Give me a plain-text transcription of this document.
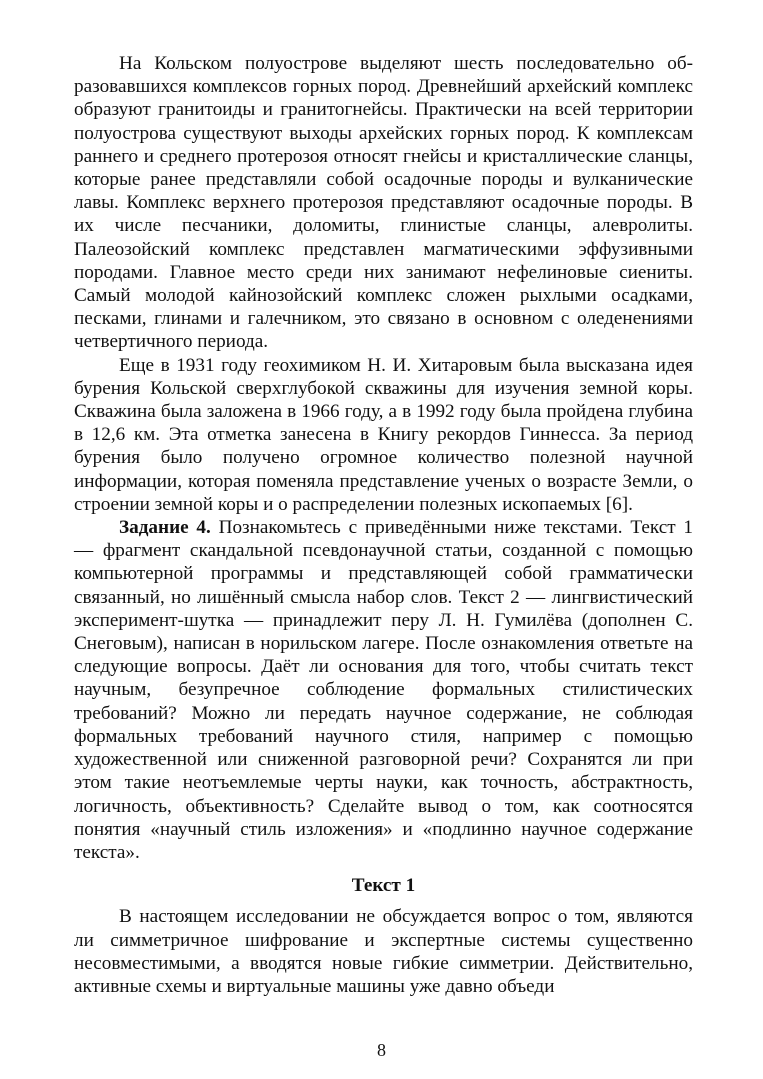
На Кольском полуострове выделяют шесть последовательно образовавшихся комплексов горных пород. Древнейший архейский комплекс образуют гранитоиды и гранитогнейсы. Практически на всей территории полуострова существуют выходы архейских горных пород. К комплексам раннего и среднего протерозоя относят гнейсы и кристаллические сланцы, которые ранее представляли собой осадочные породы и вулканические лавы. Комплекс верхнего протерозоя представляют осадочные породы. В их числе песчаники, доломиты, глинистые сланцы, алевролиты. Палеозойский комплекс представлен магматическими эффузивными породами. Главное место среди них занимают нефелиновые сиениты. Самый молодой кайнозойский комплекс сложен рыхлыми осадками, песками, глинами и галечником, это связано в основном с оледенениями четвертичного периода.

Еще в 1931 году геохимиком Н. И. Хитаровым была высказана идея бурения Кольской сверхглубокой скважины для изучения земной коры. Скважина была заложена в 1966 году, а в 1992 году была пройдена глубина в 12,6 км. Эта отметка занесена в Книгу рекордов Гиннесса. За период бурения было получено огромное количество полезной научной информации, которая поменяла представление ученых о возрасте Земли, о строении земной коры и о распределении полезных ископаемых [6].

Задание 4. Познакомьтесь с приведёнными ниже текстами. Текст 1 — фрагмент скандальной псевдонаучной статьи, созданной с помощью компьютерной программы и представляющей собой грамматически связанный, но лишённый смысла набор слов. Текст 2 — лингвистический эксперимент-шутка — принадлежит перу Л. Н. Гумилёва (дополнен С. Снеговым), написан в норильском лагере. После ознакомления ответьте на следующие вопросы. Даёт ли основания для того, чтобы считать текст научным, безупречное соблюдение формальных стилистических требований? Можно ли передать научное содержание, не соблюдая формальных требований научного стиля, например с помощью художественной или сниженной разговорной речи? Сохранятся ли при этом такие неотъемлемые черты науки, как точность, абстрактность, логичность, объективность? Сделайте вывод о том, как соотносятся понятия «научный стиль изложения» и «подлинно научное содержание текста».

Текст 1

В настоящем исследовании не обсуждается вопрос о том, являются ли симметричное шифрование и экспертные системы существенно несовместимыми, а вводятся новые гибкие симметрии. Действительно, активные схемы и виртуальные машины уже давно объеди

8
